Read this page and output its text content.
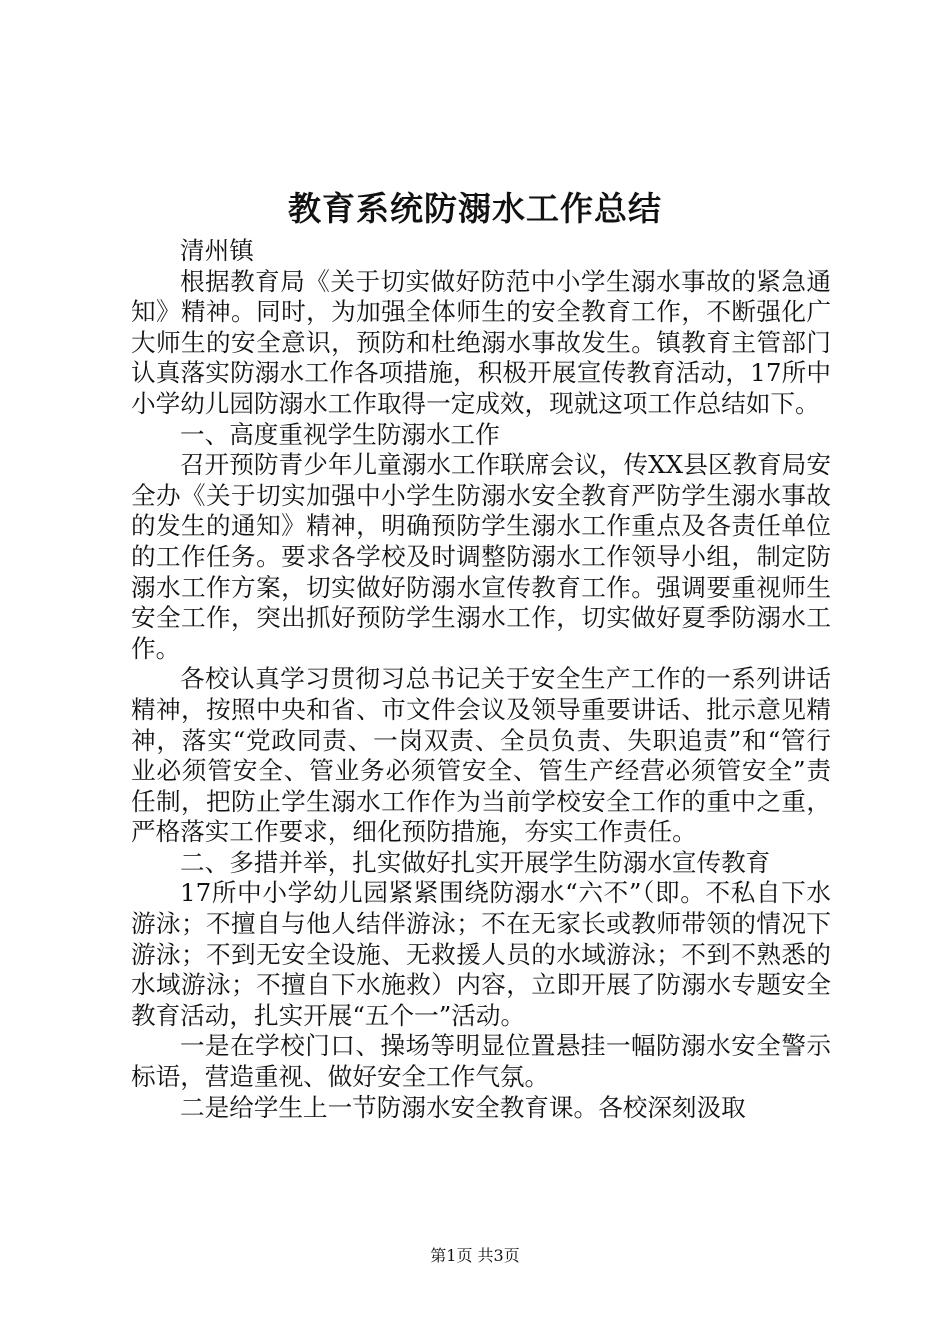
教育系统防溺水工作总结

清州镇

根据教育局《关于切实做好防范中小学生溺水事故的紧急通知》精神。同时，为加强全体师生的安全教育工作，不断强化广大师生的安全意识，预防和杜绝溺水事故发生。镇教育主管部门认真落实防溺水工作各项措施，积极开展宣传教育活动，17所中小学幼儿园防溺水工作取得一定成效，现就这项工作总结如下。

一、高度重视学生防溺水工作

召开预防青少年儿童溺水工作联席会议，传XX县区教育局安全办《关于切实加强中小学生防溺水安全教育严防学生溺水事故的发生的通知》精神，明确预防学生溺水工作重点及各责任单位的工作任务。要求各学校及时调整防溺水工作领导小组，制定防溺水工作方案，切实做好防溺水宣传教育工作。强调要重视师生安全工作，突出抓好预防学生溺水工作，切实做好夏季防溺水工作。

各校认真学习贯彻习总书记关于安全生产工作的一系列讲话精神，按照中央和省、市文件会议及领导重要讲话、批示意见精神，落实“党政同责、一岗双责、全员负责、失职追责”和“管行业必须管安全、管业务必须管安全、管生产经营必须管安全”责任制，把防止学生溺水工作作为当前学校安全工作的重中之重，严格落实工作要求，细化预防措施，夯实工作责任。

二、多措并举，扎实做好扎实开展学生防溺水宣传教育

17所中小学幼儿园紧紧围绕防溺水“六不”（即。不私自下水游泳；不擅自与他人结伴游泳；不在无家长或教师带领的情况下游泳；不到无安全设施、无救援人员的水域游泳；不到不熟悉的水域游泳；不擅自下水施救）内容，立即开展了防溺水专题安全教育活动，扎实开展“五个一”活动。

一是在学校门口、操场等明显位置悬挂一幅防溺水安全警示标语，营造重视、做好安全工作气氛。

二是给学生上一节防溺水安全教育课。各校深刻汲取

第1页 共3页
